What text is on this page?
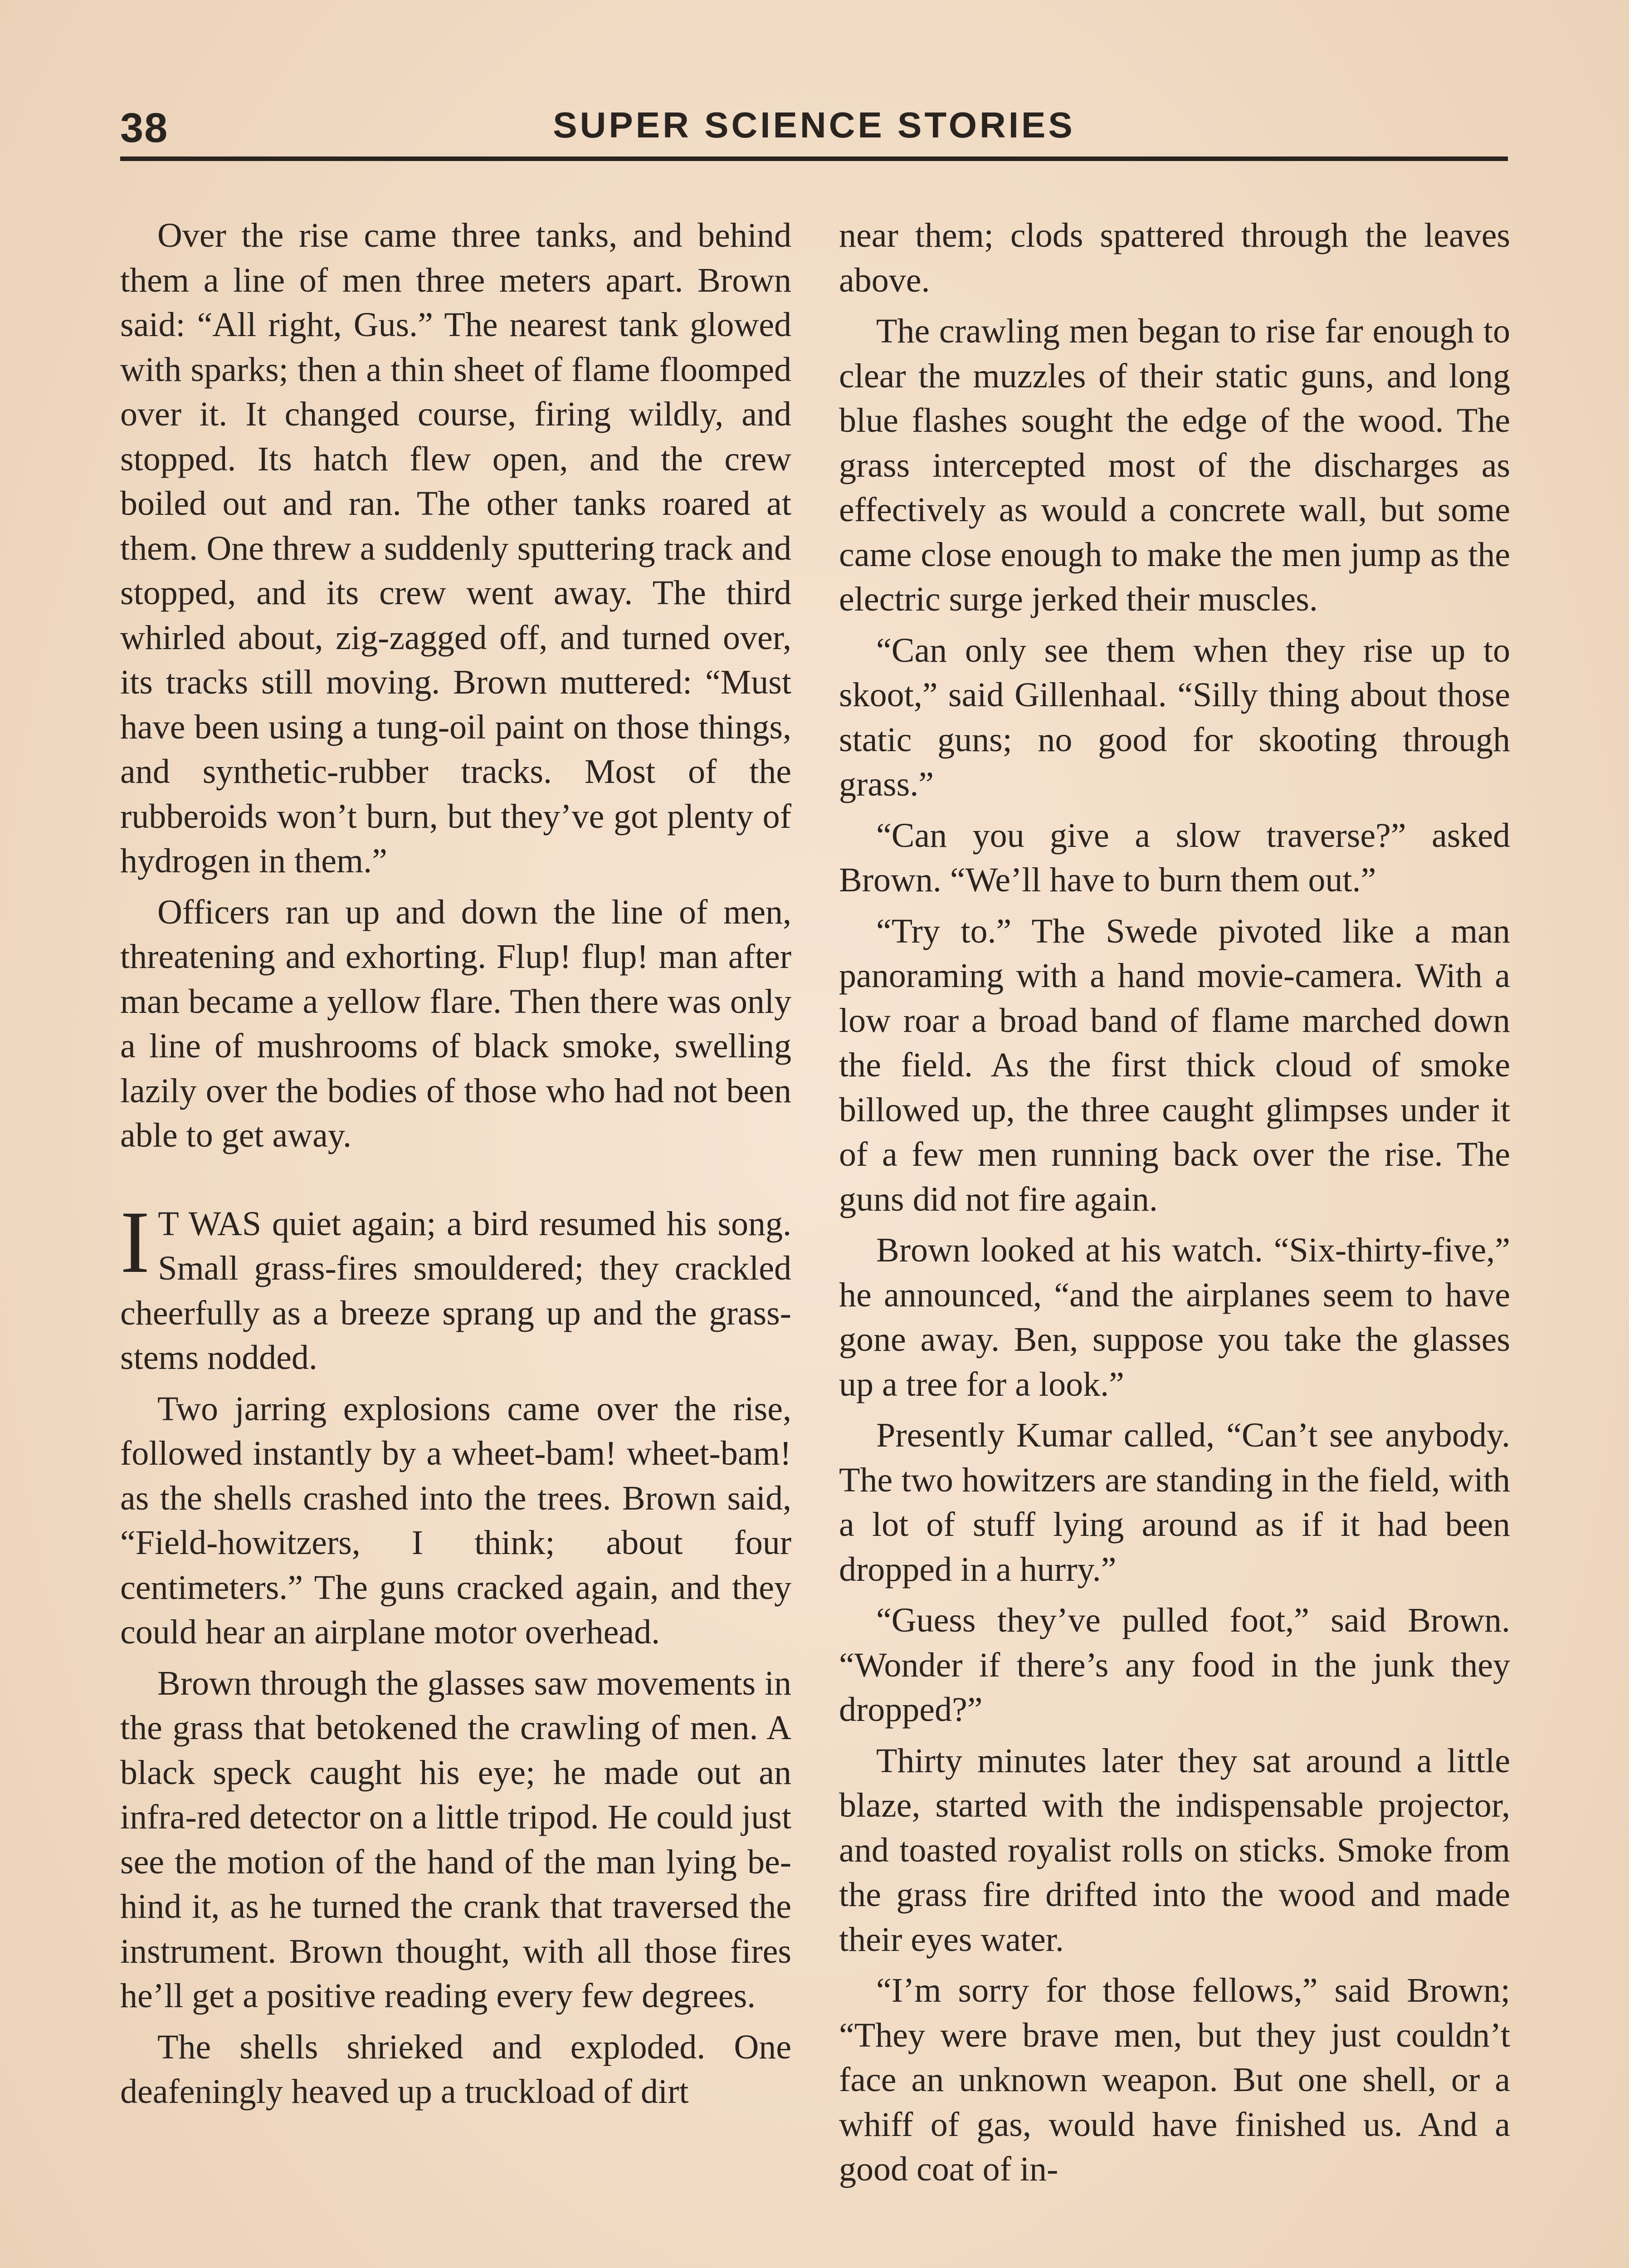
38	SUPER SCIENCE STORIES

Over the rise came three tanks, and behind them a line of men three meters apart. Brown said: “All right, Gus.” The nearest tank glowed with sparks; then a thin sheet of flame floomped over it. It changed course, firing wildly, and stopped. Its hatch flew open, and the crew boiled out and ran. The other tanks roared at them. One threw a suddenly sputtering track and stopped, and its crew went away. The third whirled about, zig-zagged off, and turned over, its tracks still moving. Brown muttered: “Must have been using a tung-oil paint on those things, and synthetic-rubber tracks. Most of the rubberoids won’t burn, but they’ve got plenty of hydrogen in them.”

Officers ran up and down the line of men, threatening and exhorting. Flup! flup! man after man became a yellow flare. Then there was only a line of mushrooms of black smoke, swelling lazily over the bodies of those who had not been able to get away.

I T WAS quiet again; a bird resumed his song. Small grass-fires smouldered; they crackled cheerfully as a breeze sprang up and the grass-stems nodded.

Two jarring explosions came over the rise, followed instantly by a wheet-bam! wheet-bam! as the shells crashed into the trees. Brown said, “Field-howitzers, I think; about four centimeters.” The guns cracked again, and they could hear an airplane motor overhead.

Brown through the glasses saw movements in the grass that betokened the crawling of men. A black speck caught his eye; he made out an infra-red detector on a little tripod. He could just see the motion of the hand of the man lying behind it, as he turned the crank that traversed the instrument. Brown thought, with all those fires he’ll get a positive reading every few degrees.

The shells shrieked and exploded. One deafeningly heaved up a truckload of dirt

near them; clods spattered through the leaves above.

The crawling men began to rise far enough to clear the muzzles of their static guns, and long blue flashes sought the edge of the wood. The grass intercepted most of the discharges as effectively as would a concrete wall, but some came close enough to make the men jump as the electric surge jerked their muscles.

“Can only see them when they rise up to skoot,” said Gillenhaal. “Silly thing about those static guns; no good for skooting through grass.”

“Can you give a slow traverse?” asked Brown. “We’ll have to burn them out.”

“Try to.” The Swede pivoted like a man panoraming with a hand movie-camera. With a low roar a broad band of flame marched down the field. As the first thick cloud of smoke billowed up, the three caught glimpses under it of a few men running back over the rise. The guns did not fire again.

Brown looked at his watch. “Six-thirty-five,” he announced, “and the airplanes seem to have gone away. Ben, suppose you take the glasses up a tree for a look.”

Presently Kumar called, “Can’t see anybody. The two howitzers are standing in the field, with a lot of stuff lying around as if it had been dropped in a hurry.”

“Guess they’ve pulled foot,” said Brown. “Wonder if there’s any food in the junk they dropped?”

Thirty minutes later they sat around a little blaze, started with the indispensable projector, and toasted royalist rolls on sticks. Smoke from the grass fire drifted into the wood and made their eyes water.

“I’m sorry for those fellows,” said Brown; “They were brave men, but they just couldn’t face an unknown weapon. But one shell, or a whiff of gas, would have finished us. And a good coat of in-
